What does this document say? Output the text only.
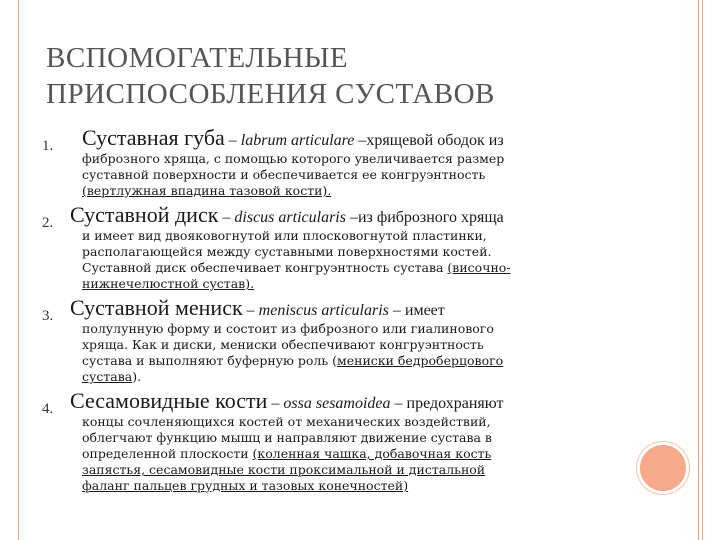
ВСПОМОГАТЕЛЬНЫЕ
ПРИСПОСОБЛЕНИЯ СУСТАВОВ
1. Суставная губа – labrum articulare –хрящевой ободок из
фиброзного хряща, с помощью которого увеличивается размер
суставной поверхности и обеспечивается ее конгруэнтность
(вертлужная впадина тазовой кости).
2. Суставной диск – discus articularis –из фиброзного хряща
и имеет вид двояковогнутой или плосковогнутой пластинки,
располагающейся между суставными поверхностями костей.
Суставной диск обеспечивает конгруэнтность сустава (височно-
нижнечелюстной сустав).
3. Суставной мениск – meniscus articularis – имеет
полулунную форму и состоит из фиброзного или гиалинового
хряща. Как и диски, мениски обеспечивают конгруэнтность
сустава и выполняют буферную роль (мениски бедроберцового
сустава).
4. Сесамовидные кости – ossa sesamoidea – предохраняют
концы сочленяющихся костей от механических воздействий,
облегчают функцию мышц и направляют движение сустава в
определенной плоскости (коленная чашка, добавочная кость
запястья, сесамовидные кости проксимальной и дистальной
фаланг пальцев грудных и тазовых конечностей)
